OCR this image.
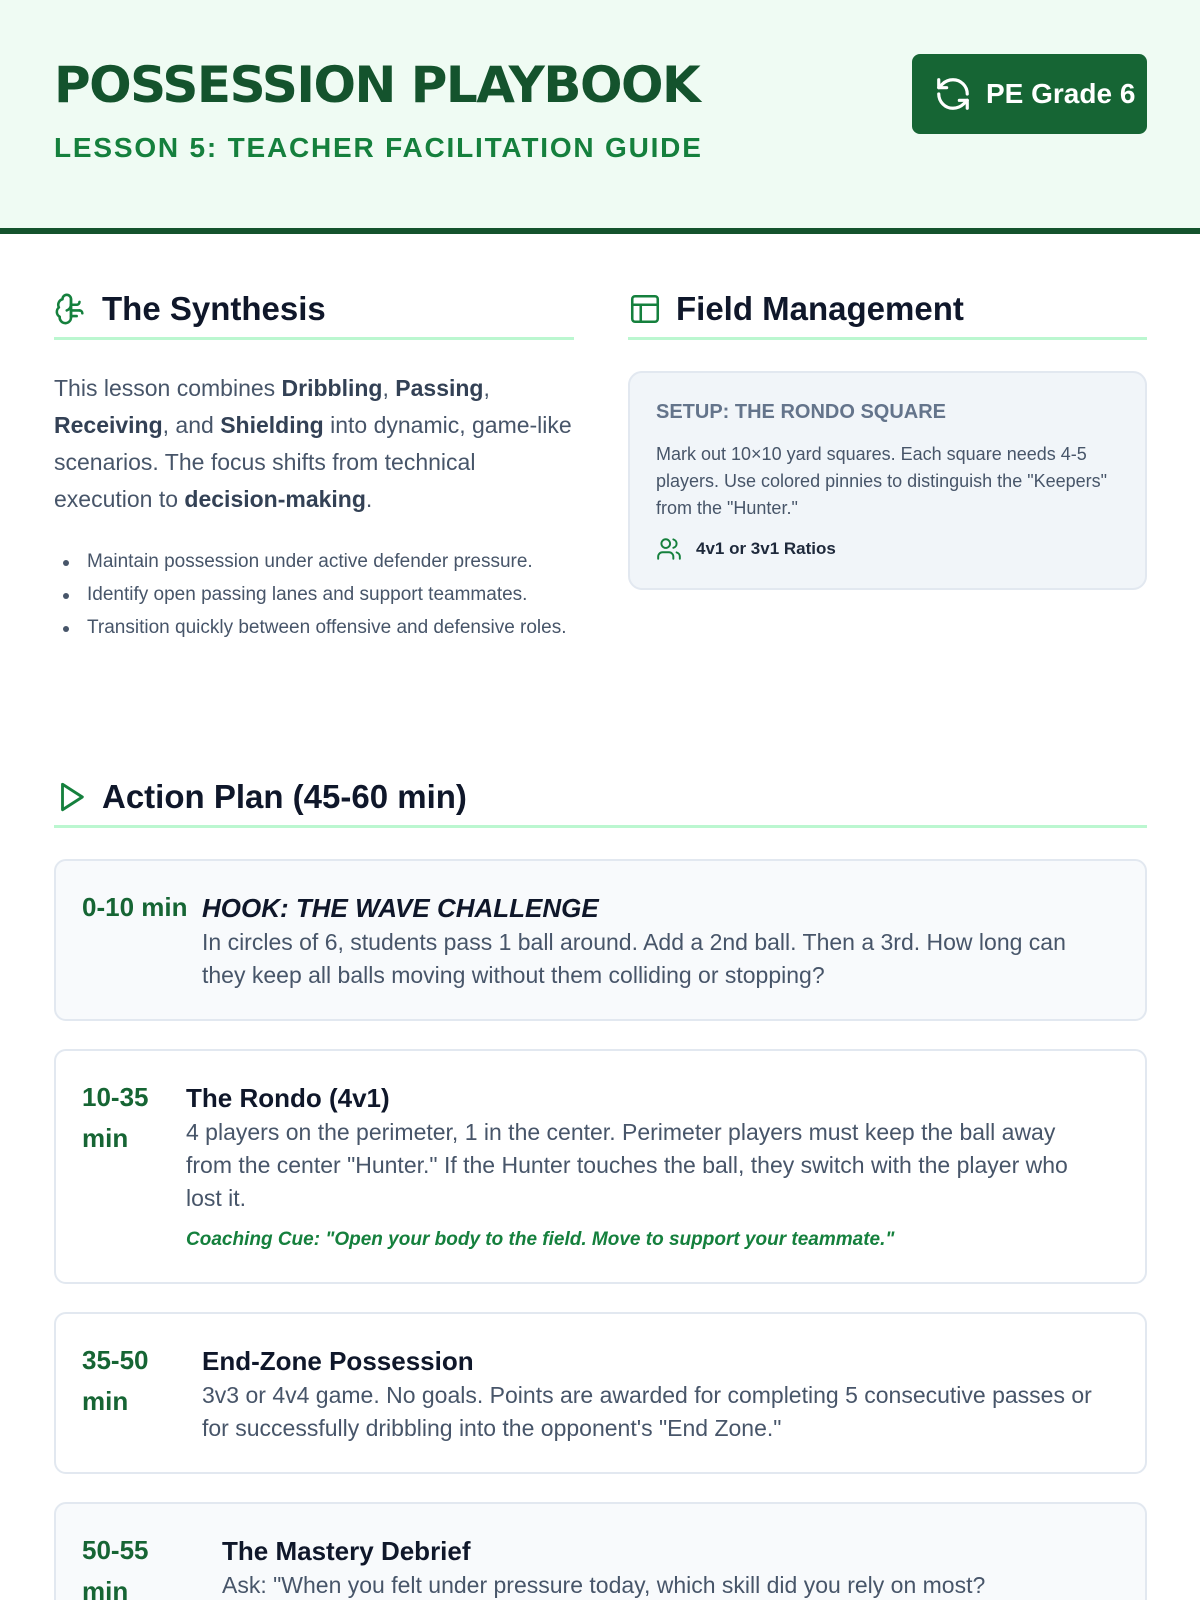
POSSESSION PLAYBOOK
LESSON 5: TEACHER FACILITATION GUIDE
PE Grade 6
The Synthesis

This lesson combines Dribbling, Passing, Receiving, and Shielding into dynamic, game-like scenarios. The focus shifts from technical execution to decision-making.

Maintain possession under active defender pressure.
Identify open passing lanes and support teammates.
Transition quickly between offensive and defensive roles.
Field Management
SETUP: THE RONDO SQUARE
Mark out 10×10 yard squares. Each square needs 4-5 players. Use colored pinnies to distinguish the "Keepers" from the "Hunter."
4v1 or 3v1 Ratios
Action Plan (45-60 min)
0-10 min HOOK: THE WAVE CHALLENGE
In circles of 6, students pass 1 ball around. Add a 2nd ball. Then a 3rd. How long can they keep all balls moving without them colliding or stopping?
10-35 min
The Rondo (4v1)
4 players on the perimeter, 1 in the center. Perimeter players must keep the ball away from the center "Hunter." If the Hunter touches the ball, they switch with the player who lost it.
Coaching Cue: "Open your body to the field. Move to support your teammate."
35-50 min
End-Zone Possession
3v3 or 4v4 game. No goals. Points are awarded for completing 5 consecutive passes or for successfully dribbling into the opponent's "End Zone."
50-55 min
The Mastery Debrief
Ask: "When you felt under pressure today, which skill did you rely on most?
